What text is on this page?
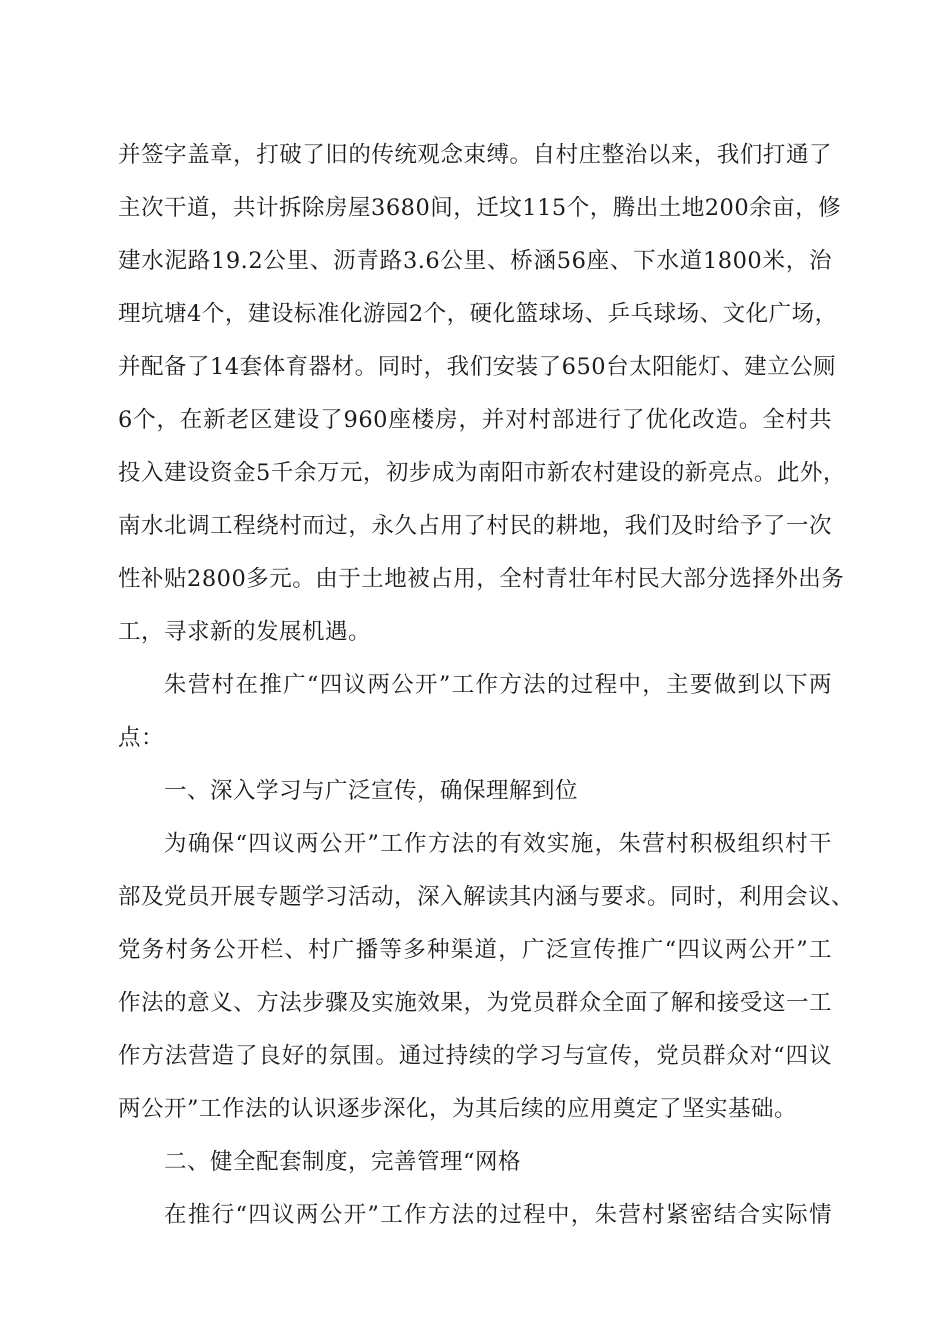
并签字盖章，打破了旧的传统观念束缚。自村庄整治以来，我们打通了
主次干道，共计拆除房屋3680间，迁坟115个，腾出土地200余亩，修
建水泥路19.2公里、沥青路3.6公里、桥涵56座、下水道1800米，治
理坑塘4个，建设标准化游园2个，硬化篮球场、乒乓球场、文化广场，
并配备了14套体育器材。同时，我们安装了650台太阳能灯、建立公厕
6个，在新老区建设了960座楼房，并对村部进行了优化改造。全村共
投入建设资金5千余万元，初步成为南阳市新农村建设的新亮点。此外，
南水北调工程绕村而过，永久占用了村民的耕地，我们及时给予了一次
性补贴2800多元。由于土地被占用，全村青壮年村民大部分选择外出务
工，寻求新的发展机遇。
朱营村在推广“四议两公开”工作方法的过程中，主要做到以下两
点：
一、深入学习与广泛宣传，确保理解到位
为确保“四议两公开”工作方法的有效实施，朱营村积极组织村干
部及党员开展专题学习活动，深入解读其内涵与要求。同时，利用会议、
党务村务公开栏、村广播等多种渠道，广泛宣传推广“四议两公开”工
作法的意义、方法步骤及实施效果，为党员群众全面了解和接受这一工
作方法营造了良好的氛围。通过持续的学习与宣传，党员群众对“四议
两公开”工作法的认识逐步深化，为其后续的应用奠定了坚实基础。
二、健全配套制度，完善管理“网格
在推行“四议两公开”工作方法的过程中，朱营村紧密结合实际情
